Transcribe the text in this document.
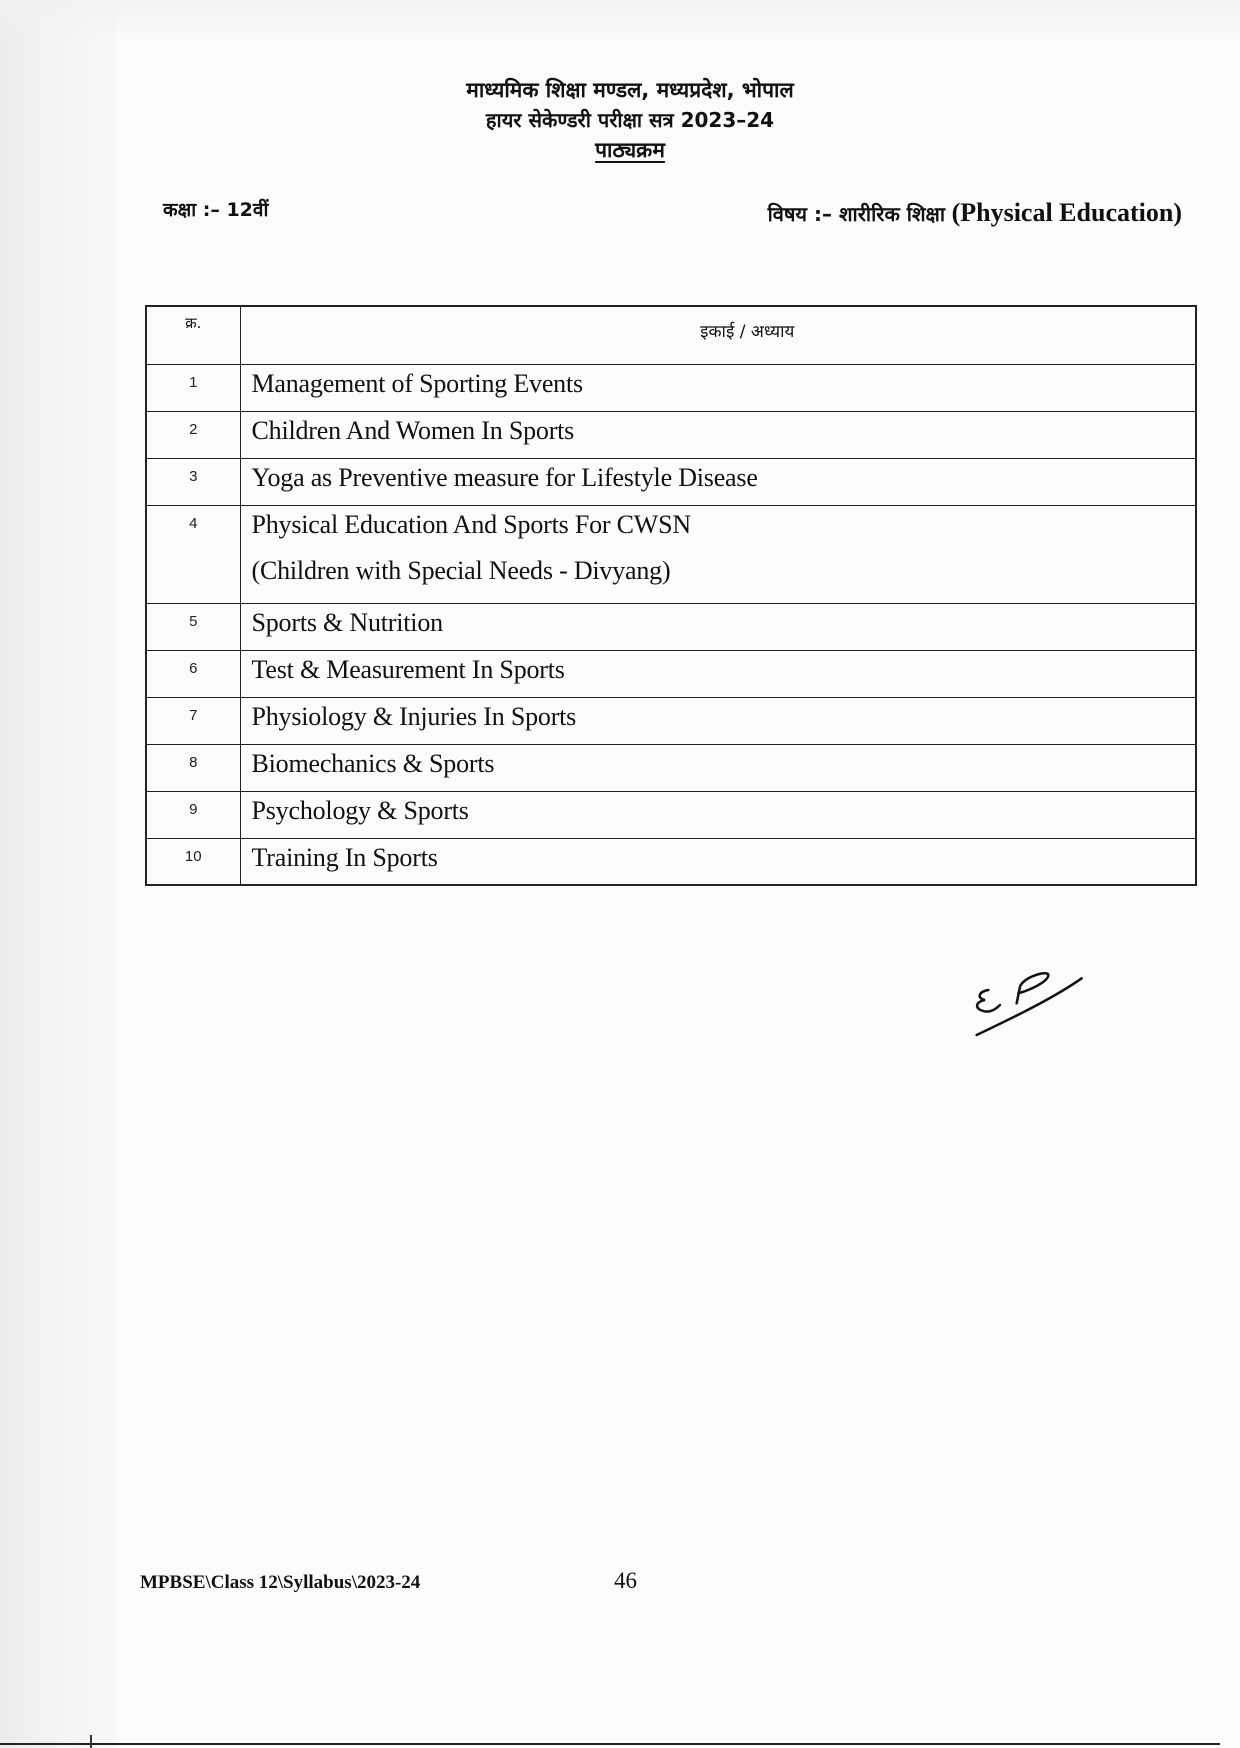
माध्यमिक शिक्षा मण्डल, मध्यप्रदेश, भोपाल
हायर सेकेण्डरी परीक्षा सत्र 2023–24
पाठ्यक्रम
कक्षा :– 12वीं	विषय :– शारीरिक शिक्षा (Physical Education)
क्र.	इकाई / अध्याय
1	Management of Sporting Events
2	Children And Women In Sports
3	Yoga as Preventive measure for Lifestyle Disease
4	Physical Education And Sports For CWSN
(Children with Special Needs - Divyang)

5	Sports & Nutrition
6	Test & Measurement In Sports
7	Physiology & Injuries In Sports
8	Biomechanics & Sports
9	Psychology & Sports
10	Training In Sports
MPBSE\Class 12\Syllabus\2023-24	46
